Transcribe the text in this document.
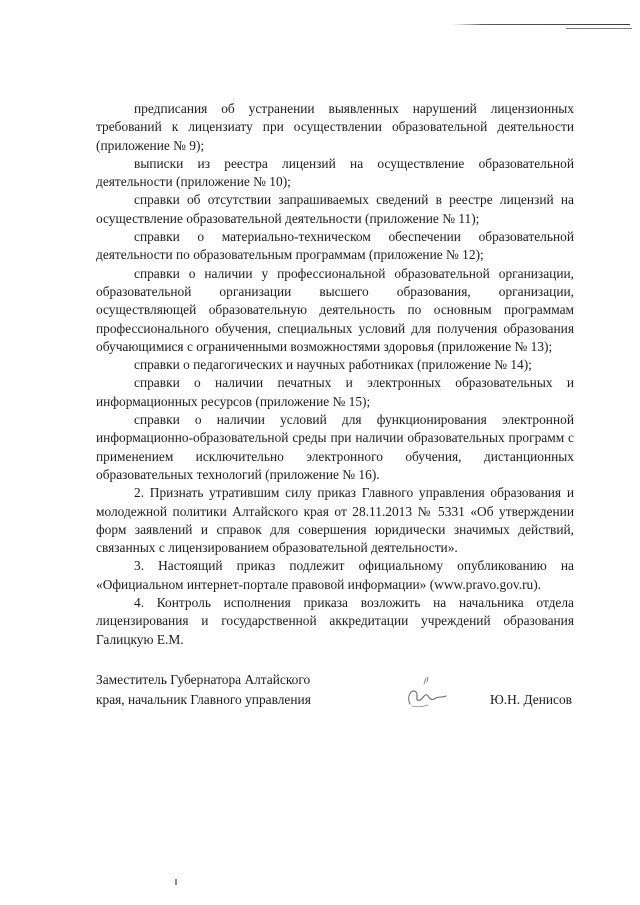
предписания об устранении выявленных нарушений лицензионных требований к лицензиату при осуществлении образовательной деятельности (приложение № 9);

выписки из реестра лицензий на осуществление образовательной деятельности (приложение № 10);

справки об отсутствии запрашиваемых сведений в реестре лицензий на осуществление образовательной деятельности (приложение № 11);

справки о материально-техническом обеспечении образовательной деятельности по образовательным программам (приложение № 12);

справки о наличии у профессиональной образовательной организации, образовательной организации высшего образования, организации, осуществляющей образовательную деятельность по основным программам профессионального обучения, специальных условий для получения образования обучающимися с ограниченными возможностями здоровья (приложение № 13);

справки о педагогических и научных работниках (приложение № 14);

справки о наличии печатных и электронных образовательных и информационных ресурсов (приложение № 15);

справки о наличии условий для функционирования электронной информационно-образовательной среды при наличии образовательных программ с применением исключительно электронного обучения, дистанционных образовательных технологий (приложение № 16).

2. Признать утратившим силу приказ Главного управления образования и молодежной политики Алтайского края от 28.11.2013 № 5331 «Об утверждении форм заявлений и справок для совершения юридически значимых действий, связанных с лицензированием образовательной деятельности».

3. Настоящий приказ подлежит официальному опубликованию на «Официальном интернет-портале правовой информации» (www.pravo.gov.ru).

4. Контроль исполнения приказа возложить на начальника отдела лицензирования и государственной аккредитации учреждений образования Галицкую Е.М.

Заместитель Губернатора Алтайского
края, начальник Главного управления	Ю.Н. Денисов
